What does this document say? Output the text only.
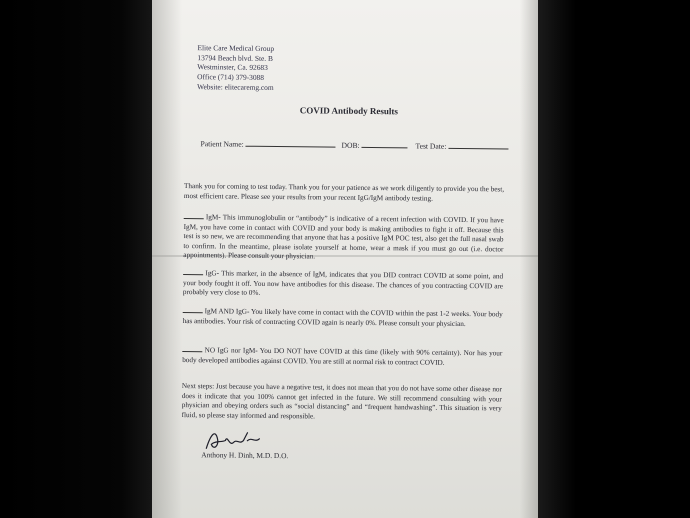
Elite Care Medical Group
13794 Beach blvd. Ste. B
Westminster, Ca. 92683
Office (714) 379-3088
Website: elitecaremg.com
COVID Antibody Results
Patient Name:	DOB:	Test Date:
Thank you for coming to test today. Thank you for your patience as we work diligently to provide you the best, most efficient care. Please see your results from your recent IgG/IgM antibody testing.
IgM- This immunoglobulin or “antibody” is indicative of a recent infection with COVID. If you have IgM, you have come in contact with COVID and your body is making antibodies to fight it off. Because this test is so new, we are recommending that anyone that has a positive IgM POC test, also get the full nasal swab to confirm. In the meantime, please isolate yourself at home, wear a mask if you must go out (i.e. doctor appointments). Please consult your physician.
IgG- This marker, in the absence of IgM, indicates that you DID contract COVID at some point, and your body fought it off. You now have antibodies for this disease. The chances of you contracting COVID are probably very close to 0%.
IgM AND IgG- You likely have come in contact with the COVID within the past 1-2 weeks. Your body has antibodies. Your risk of contracting COVID again is nearly 0%. Please consult your physician.
NO IgG nor IgM- You DO NOT have COVID at this time (likely with 90% certainty). Nor has your body developed antibodies against COVID. You are still at normal risk to contract COVID.
Next steps: Just because you have a negative test, it does not mean that you do not have some other disease nor does it indicate that you 100% cannot get infected in the future. We still recommend consulting with your physician and obeying orders such as “social distancing” and “frequent handwashing”. This situation is very fluid, so please stay informed and responsible.
Anthony H. Dinh, M.D. D.O.
